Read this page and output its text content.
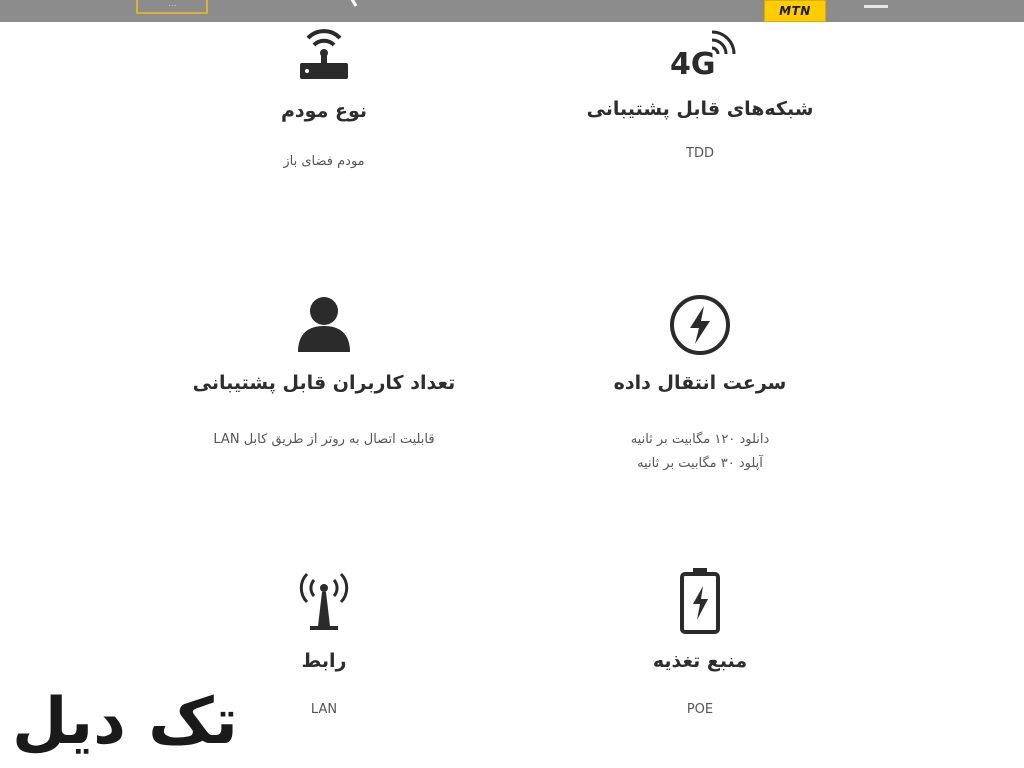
...	MTN
4G
شبکه‌های قابل پشتیبانی
TDD
نوع مودم
مودم فضای باز
سرعت انتقال داده
دانلود ۱۲۰ مگابیت بر ثانیه
آپلود ۳۰ مگابیت بر ثانیه
تعداد کاربران قابل پشتیبانی
قابلیت اتصال به روتر از طریق کابل LAN
منبع تغذیه
POE
رابط
LAN
تک دیل
